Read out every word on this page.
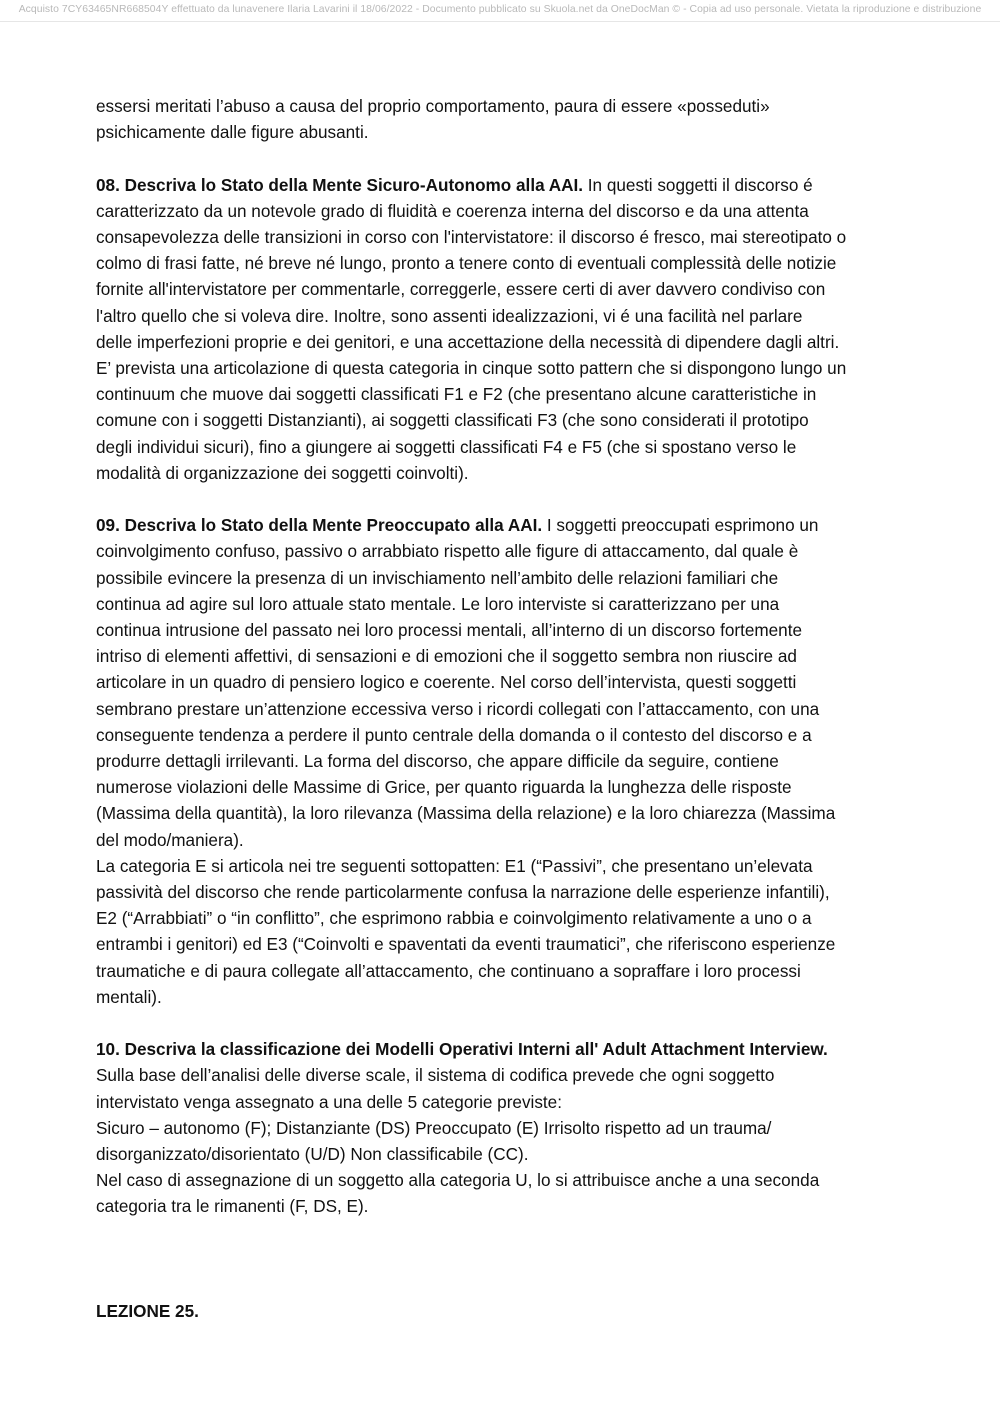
Acquisto 7CY63465NR668504Y effettuato da lunavenere Ilaria Lavarini il 18/06/2022 - Documento pubblicato su Skuola.net da OneDocMan © - Copia ad uso personale. Vietata la riproduzione e distribuzione

essersi meritati l’abuso a causa del proprio comportamento, paura di essere «posseduti»

psichicamente dalle figure abusanti.

08. Descriva lo Stato della Mente Sicuro-Autonomo alla AAI. In questi soggetti il discorso é

caratterizzato da un notevole grado di fluidità e coerenza interna del discorso e da una attenta

consapevolezza delle transizioni in corso con l'intervistatore: il discorso é fresco, mai stereotipato o

colmo di frasi fatte, né breve né lungo, pronto a tenere conto di eventuali complessità delle notizie

fornite all'intervistatore per commentarle, correggerle, essere certi di aver davvero condiviso con

l'altro quello che si voleva dire. Inoltre, sono assenti idealizzazioni, vi é una facilità nel parlare

delle imperfezioni proprie e dei genitori, e una accettazione della necessità di dipendere dagli altri.

E’ prevista una articolazione di questa categoria in cinque sotto pattern che si dispongono lungo un

continuum che muove dai soggetti classificati F1 e F2 (che presentano alcune caratteristiche in

comune con i soggetti Distanzianti), ai soggetti classificati F3 (che sono considerati il prototipo

degli individui sicuri), fino a giungere ai soggetti classificati F4 e F5 (che si spostano verso le

modalità di organizzazione dei soggetti coinvolti).

09. Descriva lo Stato della Mente Preoccupato alla AAI. I soggetti preoccupati esprimono un

coinvolgimento confuso, passivo o arrabbiato rispetto alle figure di attaccamento, dal quale è

possibile evincere la presenza di un invischiamento nell’ambito delle relazioni familiari che

continua ad agire sul loro attuale stato mentale. Le loro interviste si caratterizzano per una

continua intrusione del passato nei loro processi mentali, all’interno di un discorso fortemente

intriso di elementi affettivi, di sensazioni e di emozioni che il soggetto sembra non riuscire ad

articolare in un quadro di pensiero logico e coerente. Nel corso dell’intervista, questi soggetti

sembrano prestare un’attenzione eccessiva verso i ricordi collegati con l’attaccamento, con una

conseguente tendenza a perdere il punto centrale della domanda o il contesto del discorso e a

produrre dettagli irrilevanti. La forma del discorso, che appare difficile da seguire, contiene

numerose violazioni delle Massime di Grice, per quanto riguarda la lunghezza delle risposte

(Massima della quantità), la loro rilevanza (Massima della relazione) e la loro chiarezza (Massima

del modo/maniera).

La categoria E si articola nei tre seguenti sottopatten: E1 (“Passivi”, che presentano un’elevata

passività del discorso che rende particolarmente confusa la narrazione delle esperienze infantili),

E2 (“Arrabbiati” o “in conflitto”, che esprimono rabbia e coinvolgimento relativamente a uno o a

entrambi i genitori) ed E3 (“Coinvolti e spaventati da eventi traumatici”, che riferiscono esperienze

traumatiche e di paura collegate all’attaccamento, che continuano a sopraffare i loro processi

mentali).

10. Descriva la classificazione dei Modelli Operativi Interni all' Adult Attachment Interview.

Sulla base dell’analisi delle diverse scale, il sistema di codifica prevede che ogni soggetto

intervistato venga assegnato a una delle 5 categorie previste:

Sicuro – autonomo (F); Distanziante (DS) Preoccupato (E) Irrisolto rispetto ad un trauma/

disorganizzato/disorientato (U/D) Non classificabile (CC).

Nel caso di assegnazione di un soggetto alla categoria U, lo si attribuisce anche a una seconda

categoria tra le rimanenti (F, DS, E).

LEZIONE 25.
